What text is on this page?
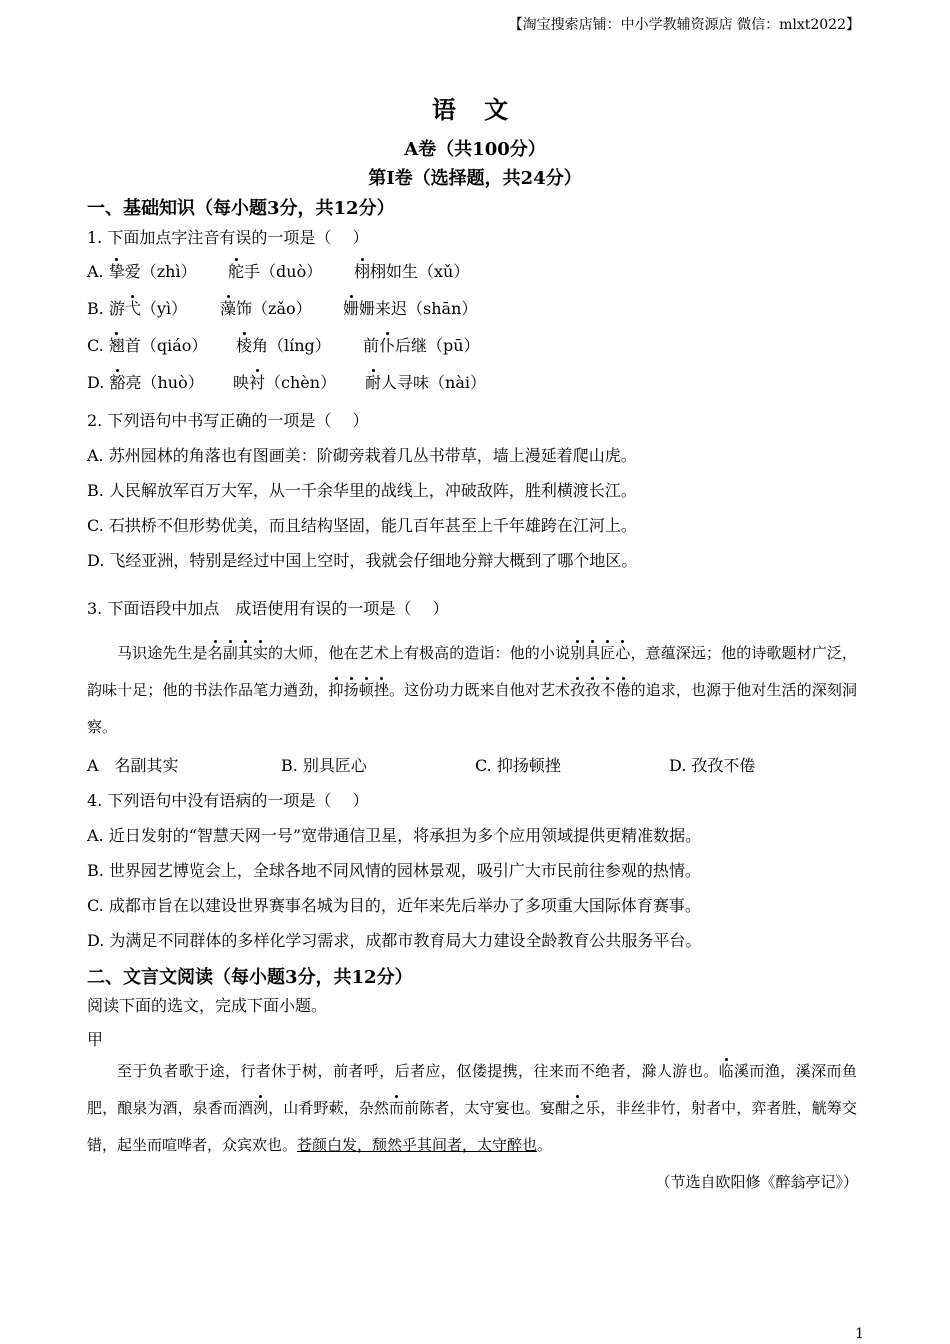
【淘宝搜索店铺：中小学教辅资源店 微信：mlxt2022】
语 文
A卷（共100分）
第Ⅰ卷（选择题，共24分）
一、基础知识（每小题3分，共12分）
1. 下面加点字注音有误的一项是（　 ）
A. 挚爱（zhì） 舵手（duò） 栩栩如生（xǔ）
B. 游弋（yì） 藻饰（zǎo） 姗姗来迟（shān）
C. 翘首（qiáo） 棱角（líng） 前仆后继（pū）
D. 豁亮（huò） 映衬（chèn） 耐人寻味（nài）
2. 下列语句中书写正确的一项是（　 ）
A. 苏州园林的角落也有图画美：阶砌旁栽着几丛书带草，墙上漫延着爬山虎。
B. 人民解放军百万大军，从一千余华里的战线上，冲破敌阵，胜利横渡长江。
C. 石拱桥不但形势优美，而且结构坚固，能几百年甚至上千年雄跨在江河上。
D. 飞经亚洲，特别是经过中国上空时，我就会仔细地分辩大概到了哪个地区。
3. 下面语段中加点　成语使用有误的一项是（　 ）
马识途先生是名副其实的大师，他在艺术上有极高的造诣：他的小说别具匠心，意蕴深远；他的诗歌题材广泛，韵味十足；他的书法作品笔力遒劲，抑扬顿挫。这份功力既来自他对艺术孜孜不倦的追求，也源于他对生活的深刻洞察。
A　名副其实	B. 别具匠心	C. 抑扬顿挫	D. 孜孜不倦
4. 下列语句中没有语病的一项是（　 ）
A. 近日发射的“智慧天网一号”宽带通信卫星，将承担为多个应用领域提供更精准数据。
B. 世界园艺博览会上，全球各地不同风情的园林景观，吸引广大市民前往参观的热情。
C. 成都市旨在以建设世界赛事名城为目的，近年来先后举办了多项重大国际体育赛事。
D. 为满足不同群体的多样化学习需求，成都市教育局大力建设全龄教育公共服务平台。
二、文言文阅读（每小题3分，共12分）
阅读下面的选文，完成下面小题。
甲
至于负者歌于途，行者休于树，前者呼，后者应，伛偻提携，往来而不绝者，滁人游也。临溪而渔，溪深而鱼肥，酿泉为酒，泉香而酒洌，山肴野蔌，杂然而前陈者，太守宴也。宴酣之乐，非丝非竹，射者中，弈者胜，觥筹交错，起坐而喧哗者，众宾欢也。苍颜白发，颓然乎其间者，太守醉也。
（节选自欧阳修《醉翁亭记》）
1
